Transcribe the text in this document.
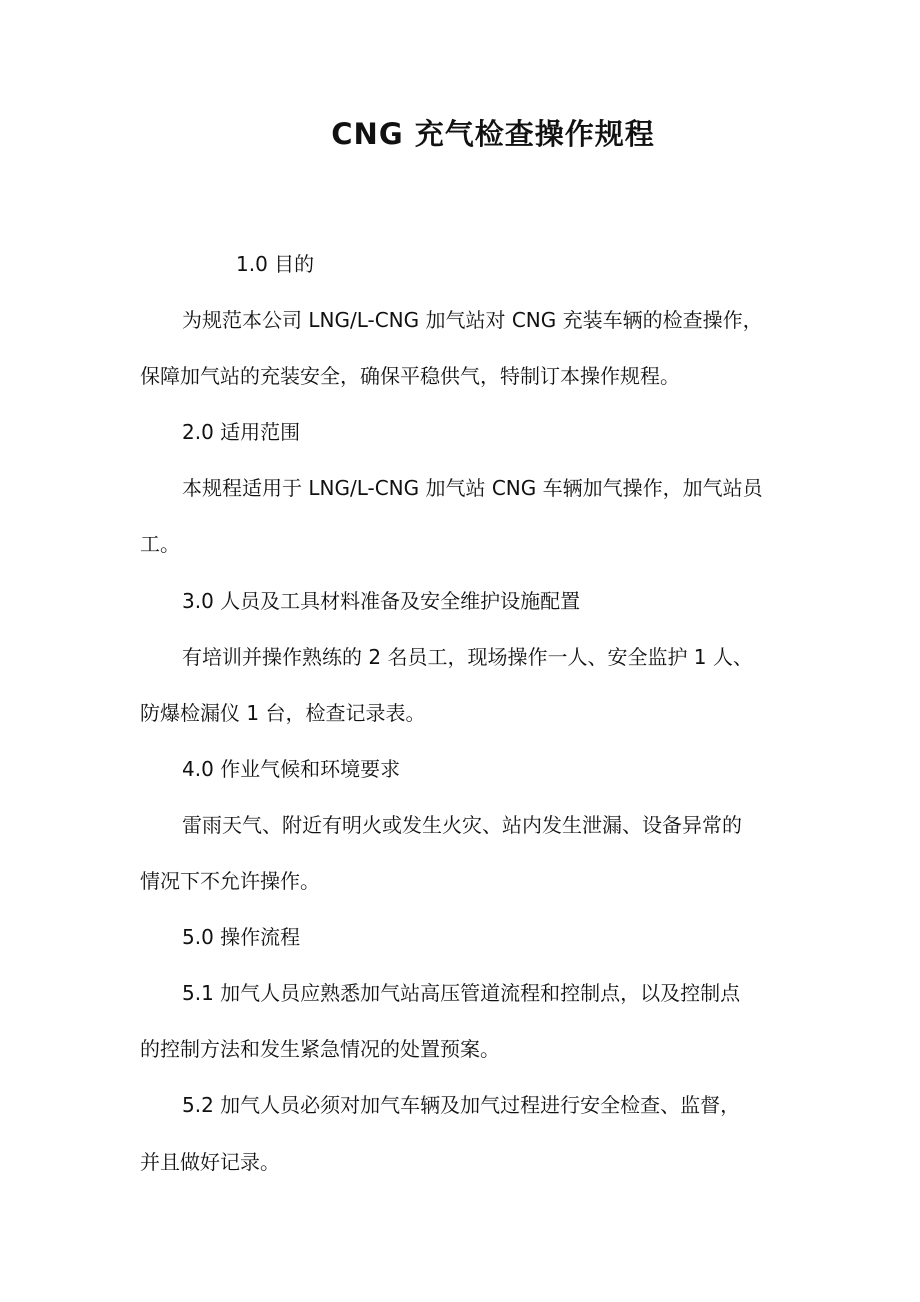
CNG 充气检查操作规程
1.0 目的
为规范本公司 LNG/L-CNG 加气站对 CNG 充装车辆的检查操作，
保障加气站的充装安全，确保平稳供气，特制订本操作规程。
2.0 适用范围
本规程适用于 LNG/L-CNG 加气站 CNG 车辆加气操作，加气站员
工。
3.0 人员及工具材料准备及安全维护设施配置
有培训并操作熟练的 2 名员工，现场操作一人、安全监护 1 人、
防爆检漏仪 1 台，检查记录表。
4.0 作业气候和环境要求
雷雨天气、附近有明火或发生火灾、站内发生泄漏、设备异常的
情况下不允许操作。
5.0 操作流程
5.1 加气人员应熟悉加气站高压管道流程和控制点，以及控制点
的控制方法和发生紧急情况的处置预案。
5.2 加气人员必须对加气车辆及加气过程进行安全检查、监督，
并且做好记录。
